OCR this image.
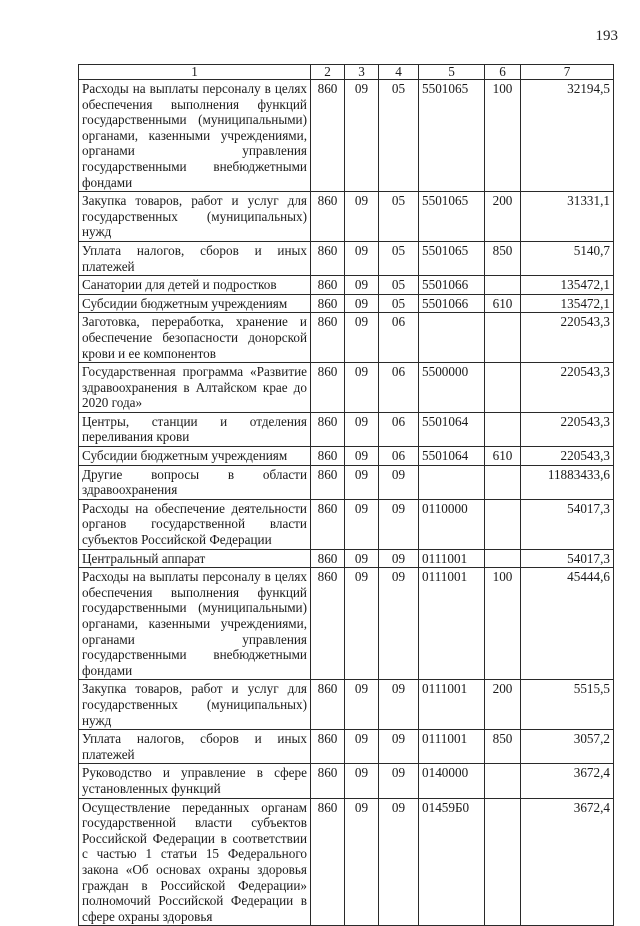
193
1	2	3	4	5	6	7
Расходы на выплаты персоналу в целях обеспечения выполнения функций государственными (муниципальными) органами, казенными учреждениями, органами управления государственными внебюджетными фондами	860	09	05	5501065	100	32194,5
Закупка товаров, работ и услуг для государственных (муниципальных) нужд	860	09	05	5501065	200	31331,1
Уплата налогов, сборов и иных платежей	860	09	05	5501065	850	5140,7
Санатории для детей и подростков	860	09	05	5501066		135472,1
Субсидии бюджетным учреждениям	860	09	05	5501066	610	135472,1
Заготовка, переработка, хранение и обеспечение безопасности донорской крови и ее компонентов	860	09	06			220543,3
Государственная программа «Развитие здравоохранения в Алтайском крае до 2020 года»	860	09	06	5500000		220543,3
Центры, станции и отделения переливания крови	860	09	06	5501064		220543,3
Субсидии бюджетным учреждениям	860	09	06	5501064	610	220543,3
Другие вопросы в области здравоохранения	860	09	09			11883433,6
Расходы на обеспечение деятельности органов государственной власти субъектов Российской Федерации	860	09	09	0110000		54017,3
Центральный аппарат	860	09	09	0111001		54017,3
Расходы на выплаты персоналу в целях обеспечения выполнения функций государственными (муниципальными) органами, казенными учреждениями, органами управления государственными внебюджетными фондами	860	09	09	0111001	100	45444,6
Закупка товаров, работ и услуг для государственных (муниципальных) нужд	860	09	09	0111001	200	5515,5
Уплата налогов, сборов и иных платежей	860	09	09	0111001	850	3057,2
Руководство и управление в сфере установленных функций	860	09	09	0140000		3672,4
Осуществление переданных органам государственной власти субъектов Российской Федерации в соответствии с частью 1 статьи 15 Федерального закона «Об основах охраны здоровья граждан в Российской Федерации» полномочий Российской Федерации в сфере охраны здоровья	860	09	09	01459Б0		3672,4
